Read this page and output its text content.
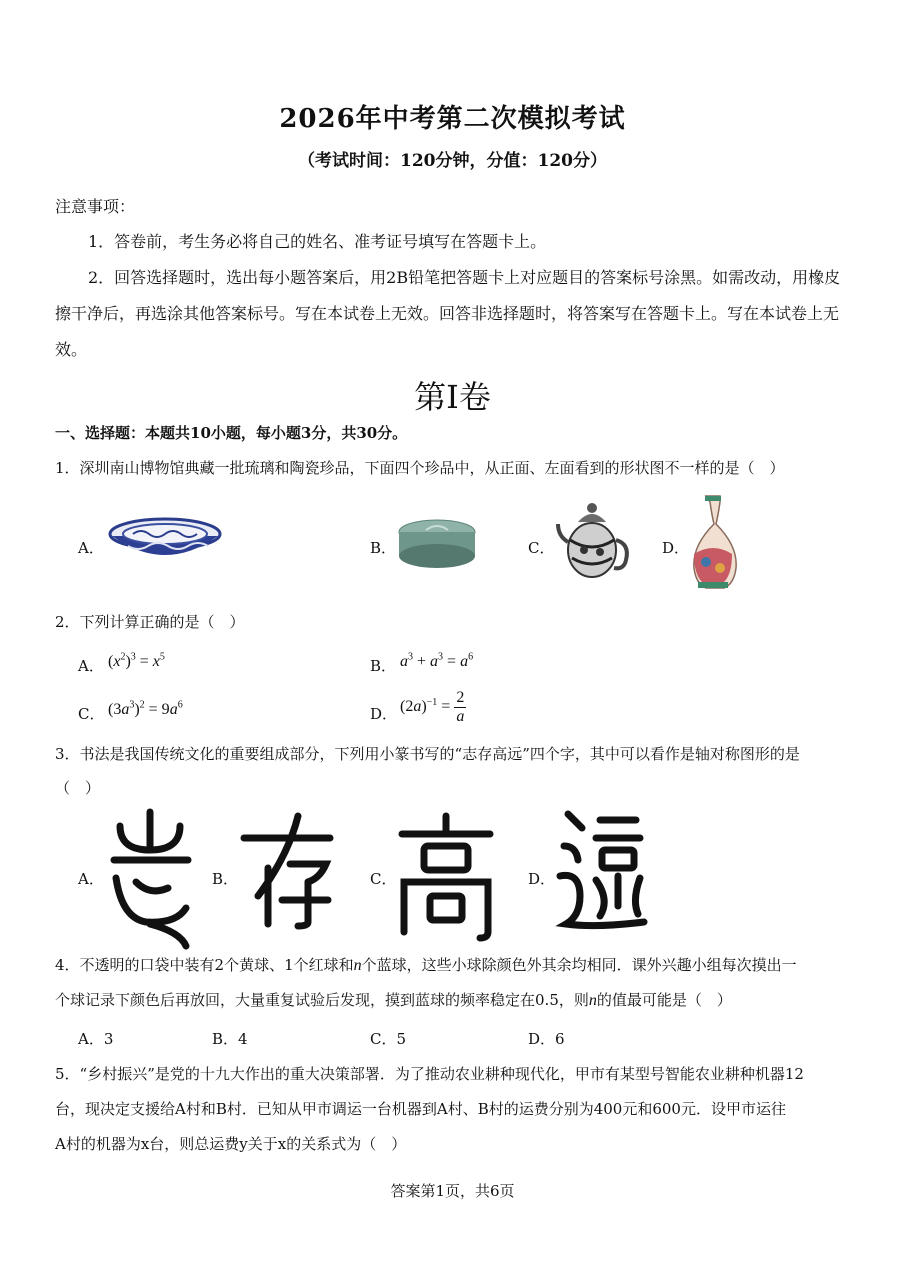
2026年中考第二次模拟考试
（考试时间：120分钟，分值：120分）
注意事项：
1．答卷前，考生务必将自己的姓名、准考证号填写在答题卡上。
2．回答选择题时，选出每小题答案后，用2B铅笔把答题卡上对应题目的答案标号涂黑。如需改动，用橡皮
擦干净后，再选涂其他答案标号。写在本试卷上无效。回答非选择题时，将答案写在答题卡上。写在本试卷上无
效。
第Ⅰ卷
一、选择题：本题共10小题，每小题3分，共30分。
1．深圳南山博物馆典藏一批琉璃和陶瓷珍品，下面四个珍品中，从正面、左面看到的形状图不一样的是（　）
A．	B．	C．	D．
2．下列计算正确的是（　）
A． $(x^2)^3 = x^5$	B． $a^3 + a^3 = a^6$
C． $(3a^3)^2 = 9a^6$	D． $(2a)^{-1} = \frac{2}{a}$
3．书法是我国传统文化的重要组成部分，下列用小篆书写的“志存高远”四个字，其中可以看作是轴对称图形的是
（　）
A．	B．	C．	D．
4．不透明的口袋中装有2个黄球、1个红球和n个蓝球，这些小球除颜色外其余均相同．课外兴趣小组每次摸出一
个球记录下颜色后再放回，大量重复试验后发现，摸到蓝球的频率稳定在0.5，则n的值最可能是（　）
A．3	B．4	C．5	D．6
5．“乡村振兴”是党的十九大作出的重大决策部署．为了推动农业耕种现代化，甲市有某型号智能农业耕种机器12
台，现决定支援给A村和B村．已知从甲市调运一台机器到A村、B村的运费分别为400元和600元．设甲市运往
A村的机器为x台，则总运费y关于x的关系式为（　）
答案第1页，共6页
